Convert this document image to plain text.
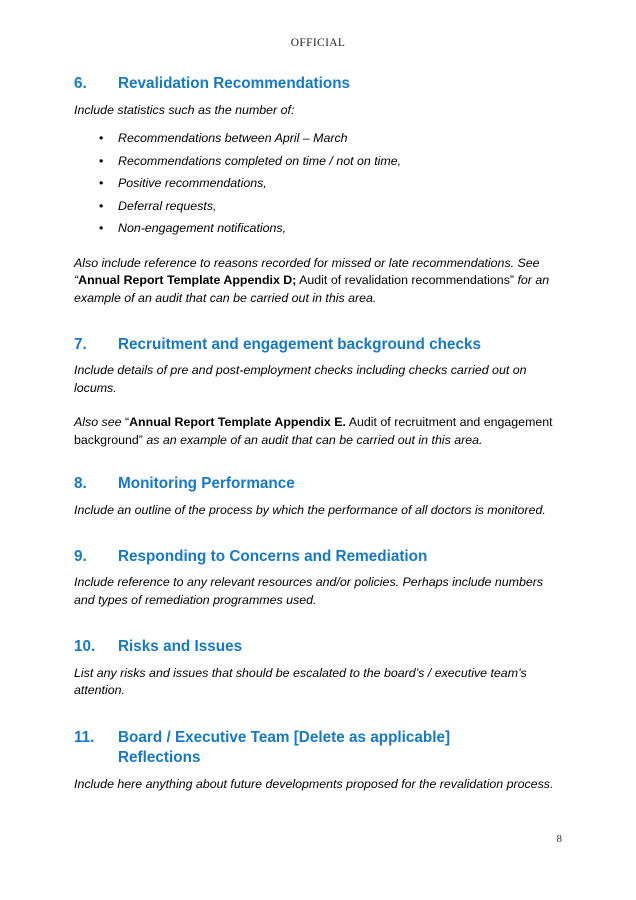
OFFICIAL
6.	Revalidation Recommendations

Include statistics such as the number of:

• Recommendations between April – March
• Recommendations completed on time / not on time,
• Positive recommendations,
• Deferral requests,
• Non-engagement notifications,

Also include reference to reasons recorded for missed or late recommendations. See “Annual Report Template Appendix D; Audit of revalidation recommendations” for an example of an audit that can be carried out in this area.

7.	Recruitment and engagement background checks

Include details of pre and post-employment checks including checks carried out on locums.

Also see “Annual Report Template Appendix E. Audit of recruitment and engagement background” as an example of an audit that can be carried out in this area.

8.	Monitoring Performance

Include an outline of the process by which the performance of all doctors is monitored.

9.	Responding to Concerns and Remediation

Include reference to any relevant resources and/or policies. Perhaps include numbers and types of remediation programmes used.

10.	Risks and Issues

List any risks and issues that should be escalated to the board’s / executive team’s attention.

11.	Board / Executive Team [Delete as applicable]
Reflections

Include here anything about future developments proposed for the revalidation process.

8
